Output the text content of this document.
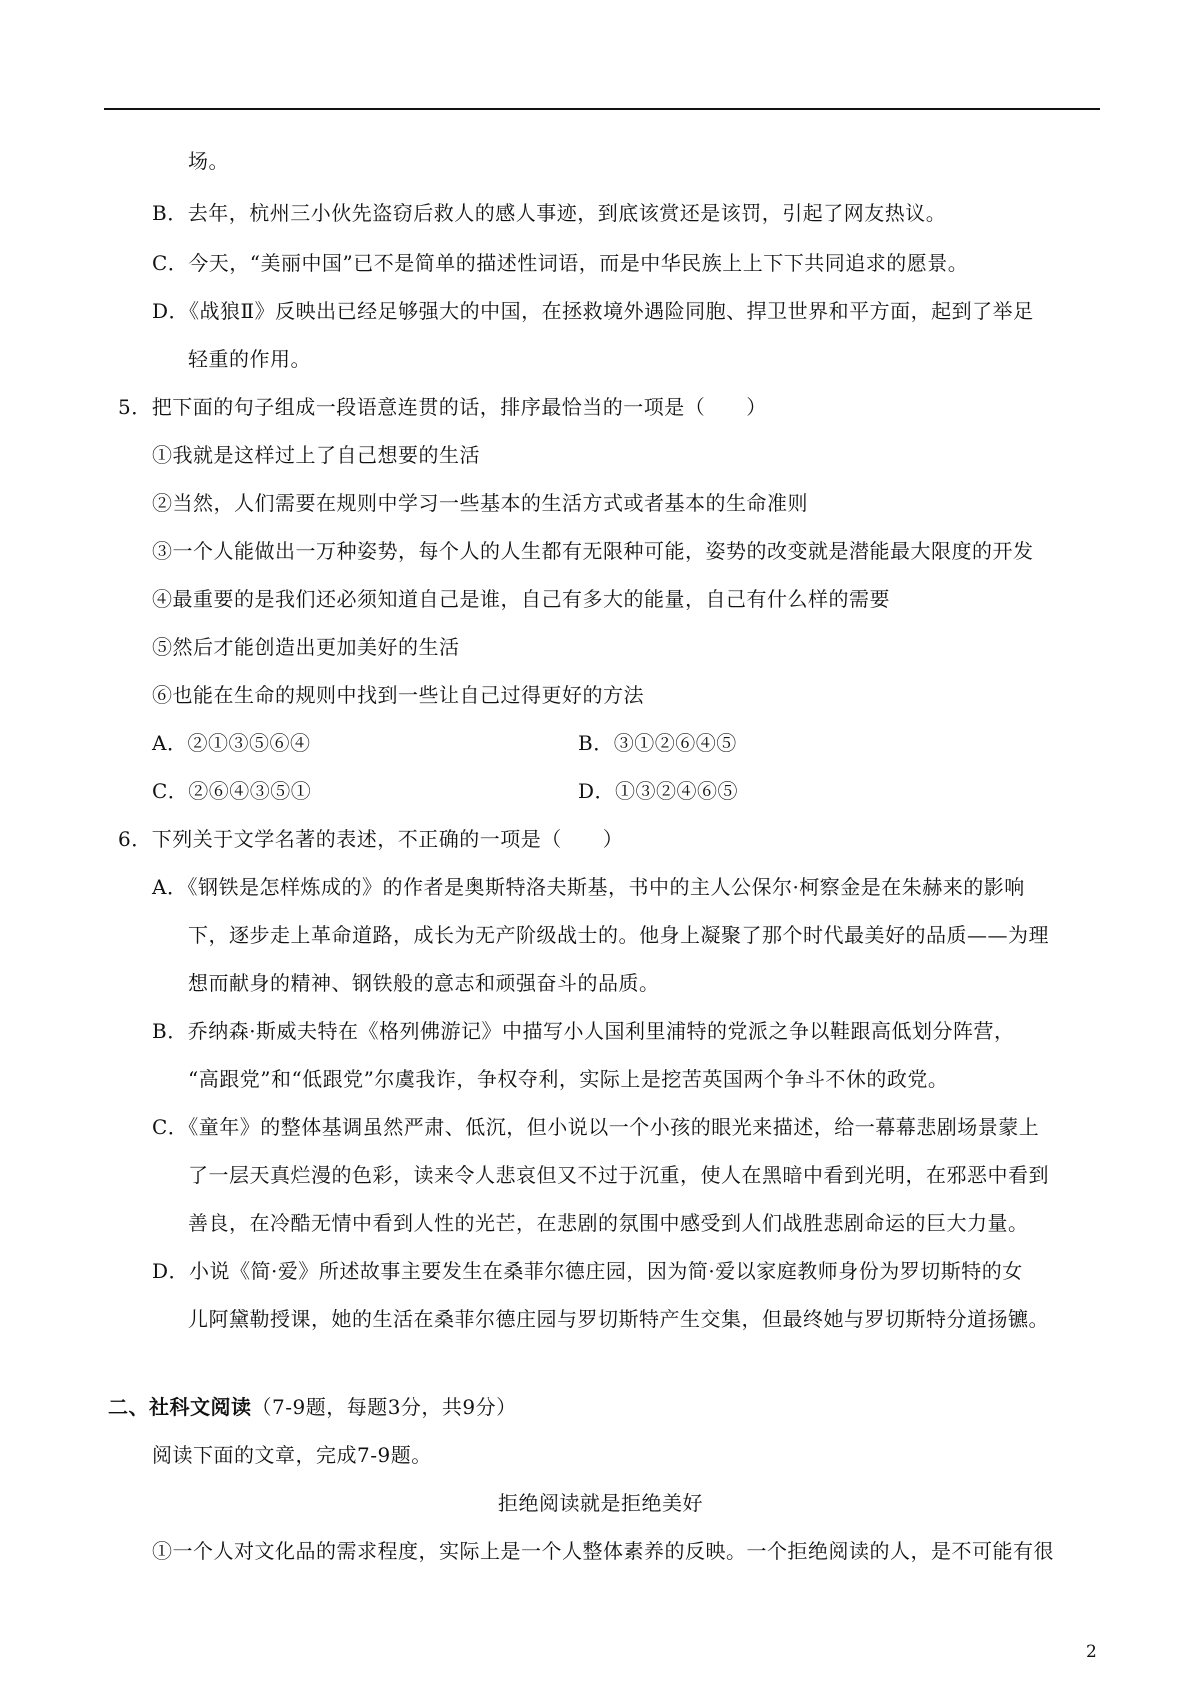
场。
B．去年，杭州三小伙先盗窃后救人的感人事迹，到底该赏还是该罚，引起了网友热议。
C．今天，“美丽中国”已不是简单的描述性词语，而是中华民族上上下下共同追求的愿景。
D．《战狼Ⅱ》反映出已经足够强大的中国，在拯救境外遇险同胞、捍卫世界和平方面，起到了举足
轻重的作用。
5．把下面的句子组成一段语意连贯的话，排序最恰当的一项是（　　）
①我就是这样过上了自己想要的生活
②当然，人们需要在规则中学习一些基本的生活方式或者基本的生命准则
③一个人能做出一万种姿势，每个人的人生都有无限种可能，姿势的改变就是潜能最大限度的开发
④最重要的是我们还必须知道自己是谁，自己有多大的能量，自己有什么样的需要
⑤然后才能创造出更加美好的生活
⑥也能在生命的规则中找到一些让自己过得更好的方法
A．②①③⑤⑥④	B．③①②⑥④⑤
C．②⑥④③⑤①	D．①③②④⑥⑤
6．下列关于文学名著的表述，不正确的一项是（　　）
A．《钢铁是怎样炼成的》的作者是奥斯特洛夫斯基，书中的主人公保尔·柯察金是在朱赫来的影响
下，逐步走上革命道路，成长为无产阶级战士的。他身上凝聚了那个时代最美好的品质——为理
想而献身的精神、钢铁般的意志和顽强奋斗的品质。
B．乔纳森·斯威夫特在《格列佛游记》中描写小人国利里浦特的党派之争以鞋跟高低划分阵营，
“高跟党”和“低跟党”尔虞我诈，争权夺利，实际上是挖苦英国两个争斗不休的政党。
C．《童年》的整体基调虽然严肃、低沉，但小说以一个小孩的眼光来描述，给一幕幕悲剧场景蒙上
了一层天真烂漫的色彩，读来令人悲哀但又不过于沉重，使人在黑暗中看到光明，在邪恶中看到
善良，在冷酷无情中看到人性的光芒，在悲剧的氛围中感受到人们战胜悲剧命运的巨大力量。
D．小说《简·爱》所述故事主要发生在桑菲尔德庄园，因为简·爱以家庭教师身份为罗切斯特的女
儿阿黛勒授课，她的生活在桑菲尔德庄园与罗切斯特产生交集，但最终她与罗切斯特分道扬镳。
二、社科文阅读（7-9题，每题3分，共9分）
阅读下面的文章，完成7-9题。
拒绝阅读就是拒绝美好
①一个人对文化品的需求程度，实际上是一个人整体素养的反映。一个拒绝阅读的人，是不可能有很
2
